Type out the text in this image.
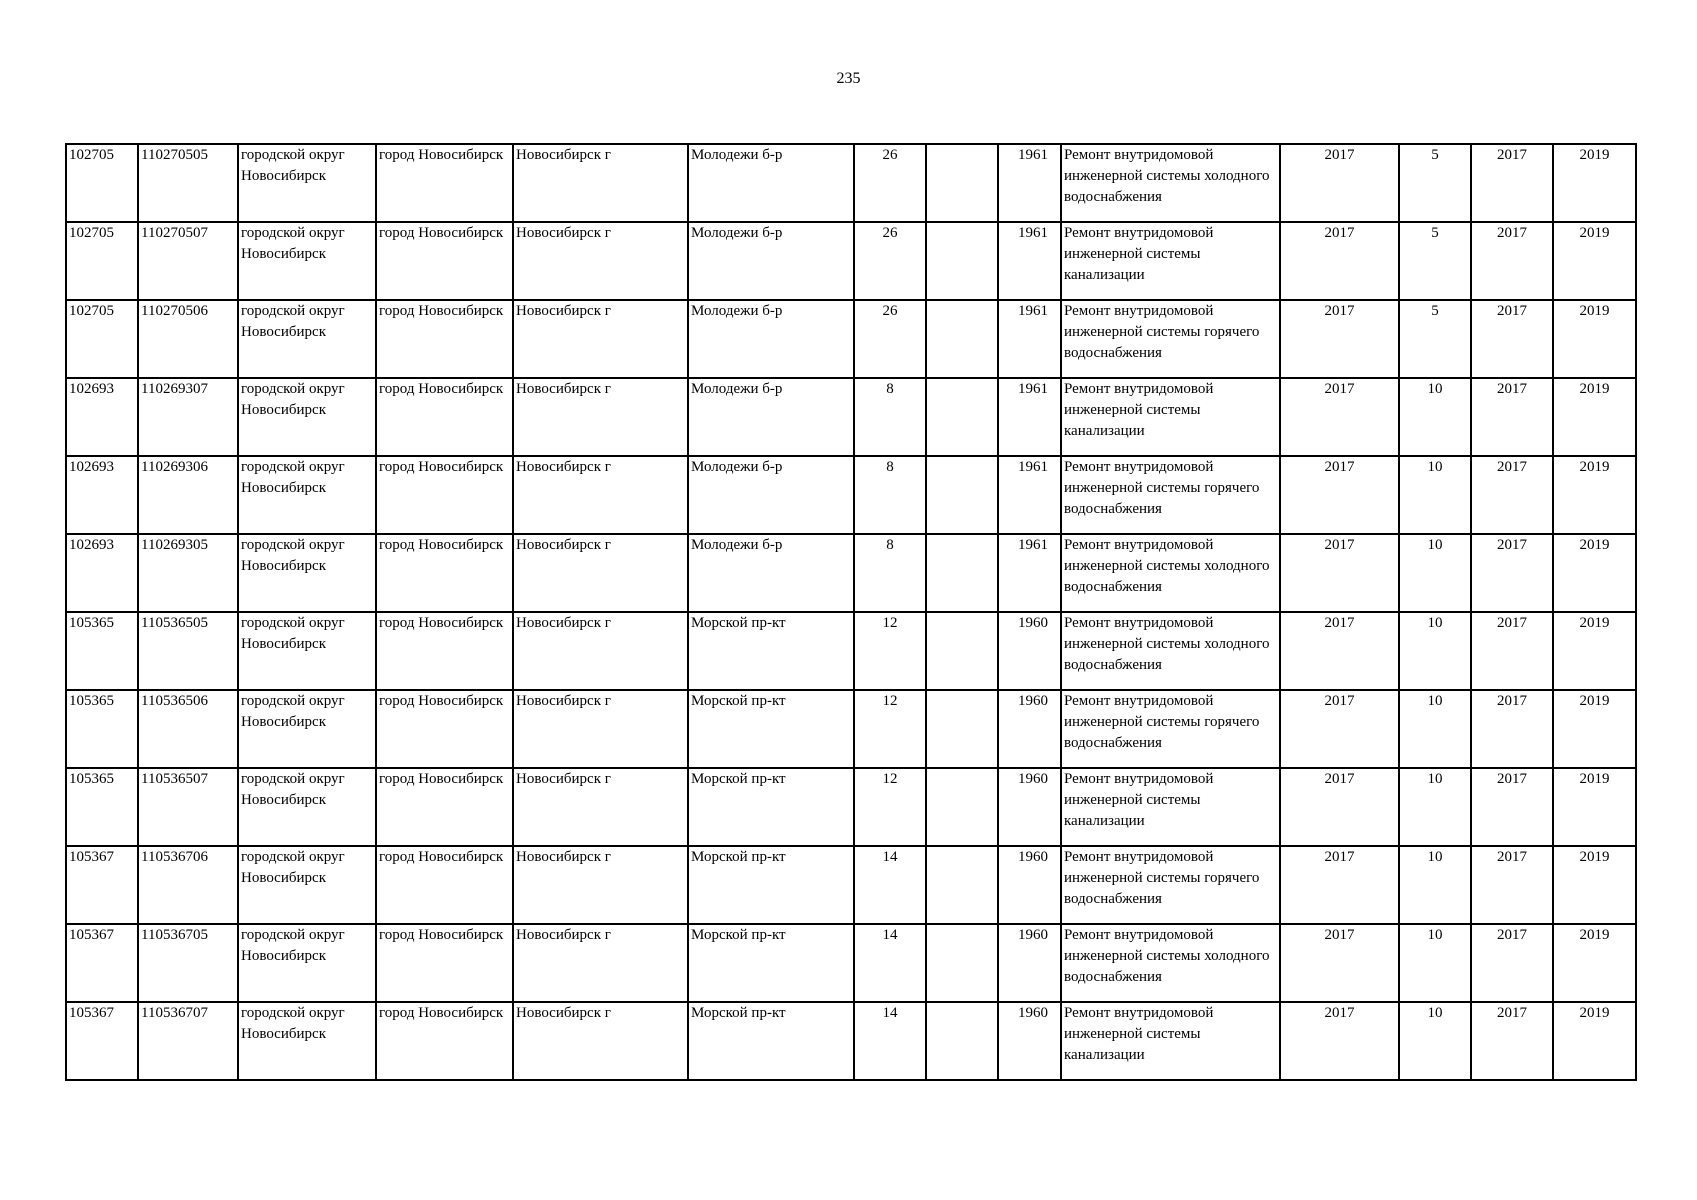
235
102705	110270505	городской округ Новосибирск	город Новосибирск	Новосибирск г	Молодежи б-р	26		1961	Ремонт внутридомовой инженерной системы холодного водоснабжения	2017	5	2017	2019
102705	110270507	городской округ Новосибирск	город Новосибирск	Новосибирск г	Молодежи б-р	26		1961	Ремонт внутридомовой инженерной системы канализации	2017	5	2017	2019
102705	110270506	городской округ Новосибирск	город Новосибирск	Новосибирск г	Молодежи б-р	26		1961	Ремонт внутридомовой инженерной системы горячего водоснабжения	2017	5	2017	2019
102693	110269307	городской округ Новосибирск	город Новосибирск	Новосибирск г	Молодежи б-р	8		1961	Ремонт внутридомовой инженерной системы канализации	2017	10	2017	2019
102693	110269306	городской округ Новосибирск	город Новосибирск	Новосибирск г	Молодежи б-р	8		1961	Ремонт внутридомовой инженерной системы горячего водоснабжения	2017	10	2017	2019
102693	110269305	городской округ Новосибирск	город Новосибирск	Новосибирск г	Молодежи б-р	8		1961	Ремонт внутридомовой инженерной системы холодного водоснабжения	2017	10	2017	2019
105365	110536505	городской округ Новосибирск	город Новосибирск	Новосибирск г	Морской пр-кт	12		1960	Ремонт внутридомовой инженерной системы холодного водоснабжения	2017	10	2017	2019
105365	110536506	городской округ Новосибирск	город Новосибирск	Новосибирск г	Морской пр-кт	12		1960	Ремонт внутридомовой инженерной системы горячего водоснабжения	2017	10	2017	2019
105365	110536507	городской округ Новосибирск	город Новосибирск	Новосибирск г	Морской пр-кт	12		1960	Ремонт внутридомовой инженерной системы канализации	2017	10	2017	2019
105367	110536706	городской округ Новосибирск	город Новосибирск	Новосибирск г	Морской пр-кт	14		1960	Ремонт внутридомовой инженерной системы горячего водоснабжения	2017	10	2017	2019
105367	110536705	городской округ Новосибирск	город Новосибирск	Новосибирск г	Морской пр-кт	14		1960	Ремонт внутридомовой инженерной системы холодного водоснабжения	2017	10	2017	2019
105367	110536707	городской округ Новосибирск	город Новосибирск	Новосибирск г	Морской пр-кт	14		1960	Ремонт внутридомовой инженерной системы канализации	2017	10	2017	2019
